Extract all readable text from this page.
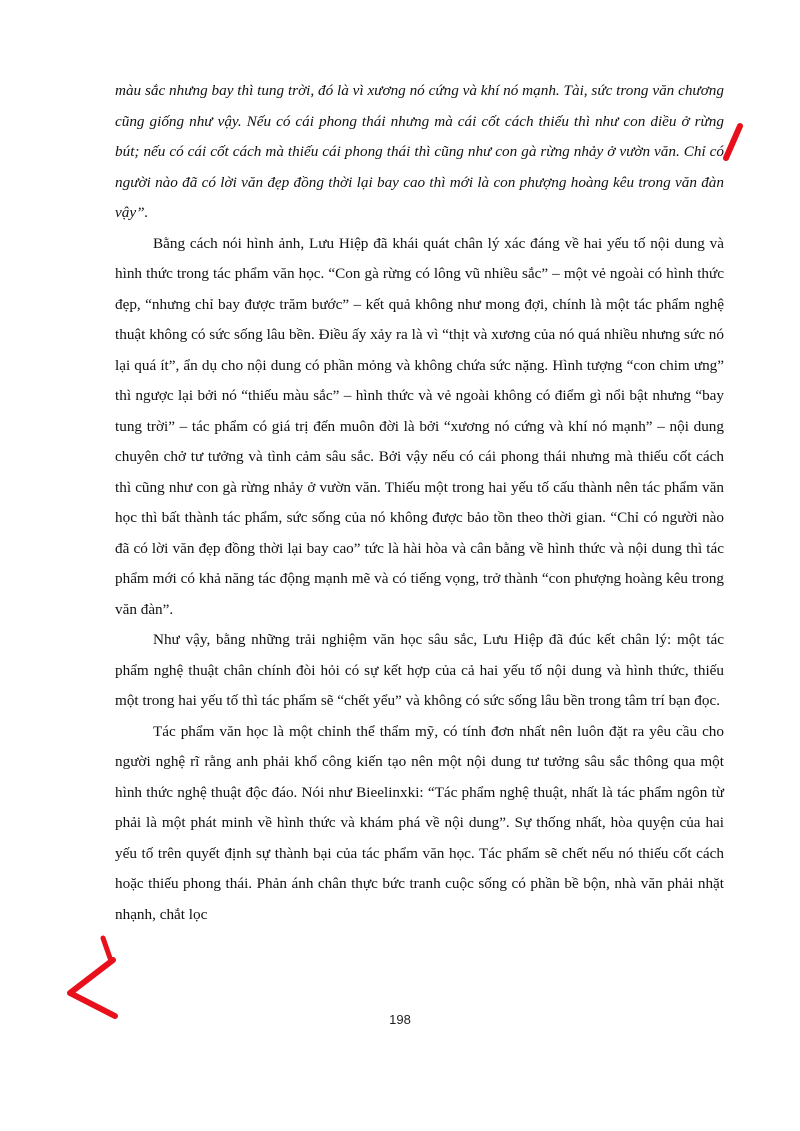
màu sắc nhưng bay thì tung trời, đó là vì xương nó cứng và khí nó mạnh. Tài, sức trong văn chương cũng giống như vậy. Nếu có cái phong thái nhưng mà cái cốt cách thiếu thì như con diều ở rừng bút; nếu có cái cốt cách mà thiếu cái phong thái thì cũng như con gà rừng nhảy ở vườn văn. Chỉ có người nào đã có lời văn đẹp đồng thời lại bay cao thì mới là con phượng hoàng kêu trong văn đàn vậy”.

Bằng cách nói hình ảnh, Lưu Hiệp đã khái quát chân lý xác đáng về hai yếu tố nội dung và hình thức trong tác phẩm văn học. “Con gà rừng có lông vũ nhiều sắc” – một vẻ ngoài có hình thức đẹp, “nhưng chỉ bay được trăm bước” – kết quả không như mong đợi, chính là một tác phẩm nghệ thuật không có sức sống lâu bền. Điều ấy xảy ra là vì “thịt và xương của nó quá nhiều nhưng sức nó lại quá ít”, ẩn dụ cho nội dung có phần mỏng và không chứa sức nặng. Hình tượng “con chim ưng” thì ngược lại bởi nó “thiếu màu sắc” – hình thức và vẻ ngoài không có điểm gì nổi bật nhưng “bay tung trời” – tác phẩm có giá trị đến muôn đời là bởi “xương nó cứng và khí nó mạnh” – nội dung chuyên chở tư tưởng và tình cảm sâu sắc. Bởi vậy nếu có cái phong thái nhưng mà thiếu cốt cách thì cũng như con gà rừng nhảy ở vườn văn. Thiếu một trong hai yếu tố cấu thành nên tác phẩm văn học thì bất thành tác phẩm, sức sống của nó không được bảo tồn theo thời gian. “Chỉ có người nào đã có lời văn đẹp đồng thời lại bay cao” tức là hài hòa và cân bằng về hình thức và nội dung thì tác phẩm mới có khả năng tác động mạnh mẽ và có tiếng vọng, trở thành “con phượng hoàng kêu trong văn đàn”.

Như vậy, bằng những trải nghiệm văn học sâu sắc, Lưu Hiệp đã đúc kết chân lý: một tác phẩm nghệ thuật chân chính đòi hỏi có sự kết hợp của cả hai yếu tố nội dung và hình thức, thiếu một trong hai yếu tố thì tác phẩm sẽ “chết yểu” và không có sức sống lâu bền trong tâm trí bạn đọc.

Tác phẩm văn học là một chỉnh thể thẩm mỹ, có tính đơn nhất nên luôn đặt ra yêu cầu cho người nghệ rĩ rằng anh phải khổ công kiến tạo nên một nội dung tư tưởng sâu sắc thông qua một hình thức nghệ thuật độc đáo. Nói như Bieelinxki: “Tác phẩm nghệ thuật, nhất là tác phẩm ngôn từ phải là một phát minh về hình thức và khám phá về nội dung”. Sự thống nhất, hòa quyện của hai yếu tố trên quyết định sự thành bại của tác phẩm văn học. Tác phẩm sẽ chết nếu nó thiếu cốt cách hoặc thiếu phong thái. Phản ánh chân thực bức tranh cuộc sống có phần bề bộn, nhà văn phải nhặt nhạnh, chắt lọc

198
